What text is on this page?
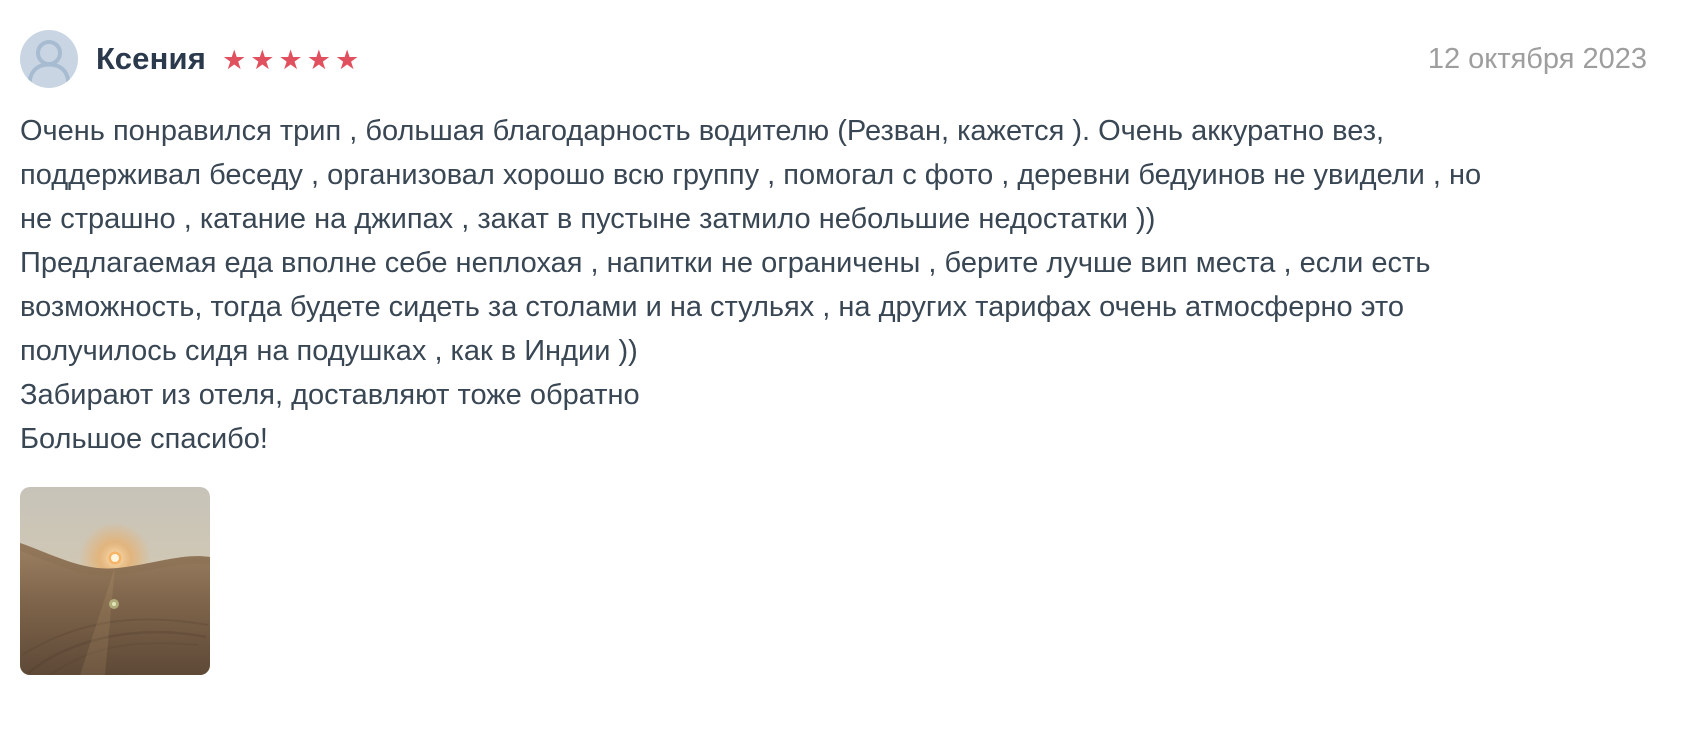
Ксения ★★★★★	12 октября 2023
Очень понравился трип , большая благодарность водителю (Резван, кажется ). Очень аккуратно вез, поддерживал беседу , организовал хорошо всю группу , помогал с фото , деревни бедуинов не увидели , но не страшно , катание на джипах , закат в пустыне затмило небольшие недостатки ))
Предлагаемая еда вполне себе неплохая , напитки не ограничены , берите лучше вип места , если есть возможность, тогда будете сидеть за столами и на стульях , на других тарифах очень атмосферно это получилось сидя на подушках , как в Индии ))
Забирают из отеля, доставляют тоже обратно
Большое спасибо!
